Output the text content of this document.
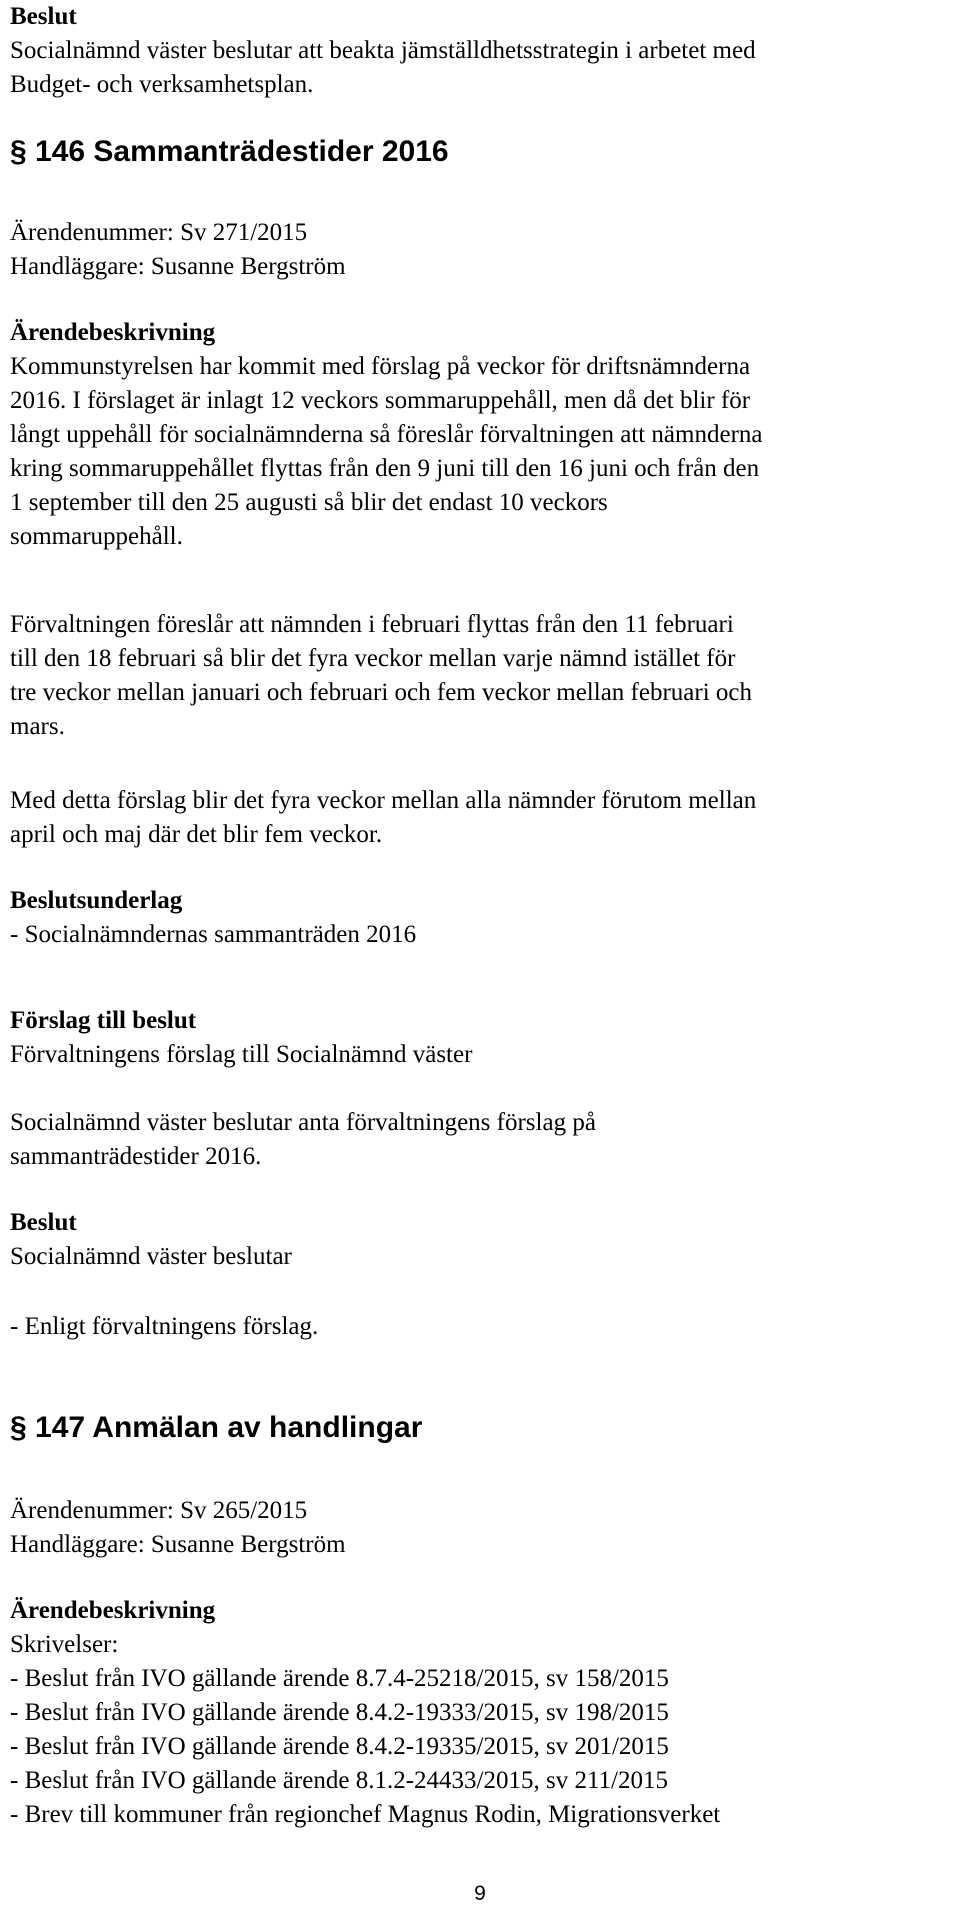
Beslut
Socialnämnd väster beslutar att beakta jämställdhetsstrategin i arbetet med
Budget- och verksamhetsplan.
§ 146 Sammanträdestider 2016
Ärendenummer: Sv 271/2015
Handläggare: Susanne Bergström
Ärendebeskrivning
Kommunstyrelsen har kommit med förslag på veckor för driftsnämnderna
2016. I förslaget är inlagt 12 veckors sommaruppehåll, men då det blir för
långt uppehåll för socialnämnderna så föreslår förvaltningen att nämnderna
kring sommaruppehållet flyttas från den 9 juni till den 16 juni och från den
1 september till den 25 augusti så blir det endast 10 veckors
sommaruppehåll.
Förvaltningen föreslår att nämnden i februari flyttas från den 11 februari
till den 18 februari så blir det fyra veckor mellan varje nämnd istället för
tre veckor mellan januari och februari och fem veckor mellan februari och
mars.
Med detta förslag blir det fyra veckor mellan alla nämnder förutom mellan
april och maj där det blir fem veckor.
Beslutsunderlag
- Socialnämndernas sammanträden 2016
Förslag till beslut
Förvaltningens förslag till Socialnämnd väster
Socialnämnd väster beslutar anta förvaltningens förslag på
sammanträdestider 2016.
Beslut
Socialnämnd väster beslutar
- Enligt förvaltningens förslag.
§ 147 Anmälan av handlingar
Ärendenummer: Sv 265/2015
Handläggare: Susanne Bergström
Ärendebeskrivning
Skrivelser:
- Beslut från IVO gällande ärende 8.7.4-25218/2015, sv 158/2015
- Beslut från IVO gällande ärende 8.4.2-19333/2015, sv 198/2015
- Beslut från IVO gällande ärende 8.4.2-19335/2015, sv 201/2015
- Beslut från IVO gällande ärende 8.1.2-24433/2015, sv 211/2015
- Brev till kommuner från regionchef Magnus Rodin, Migrationsverket
9
